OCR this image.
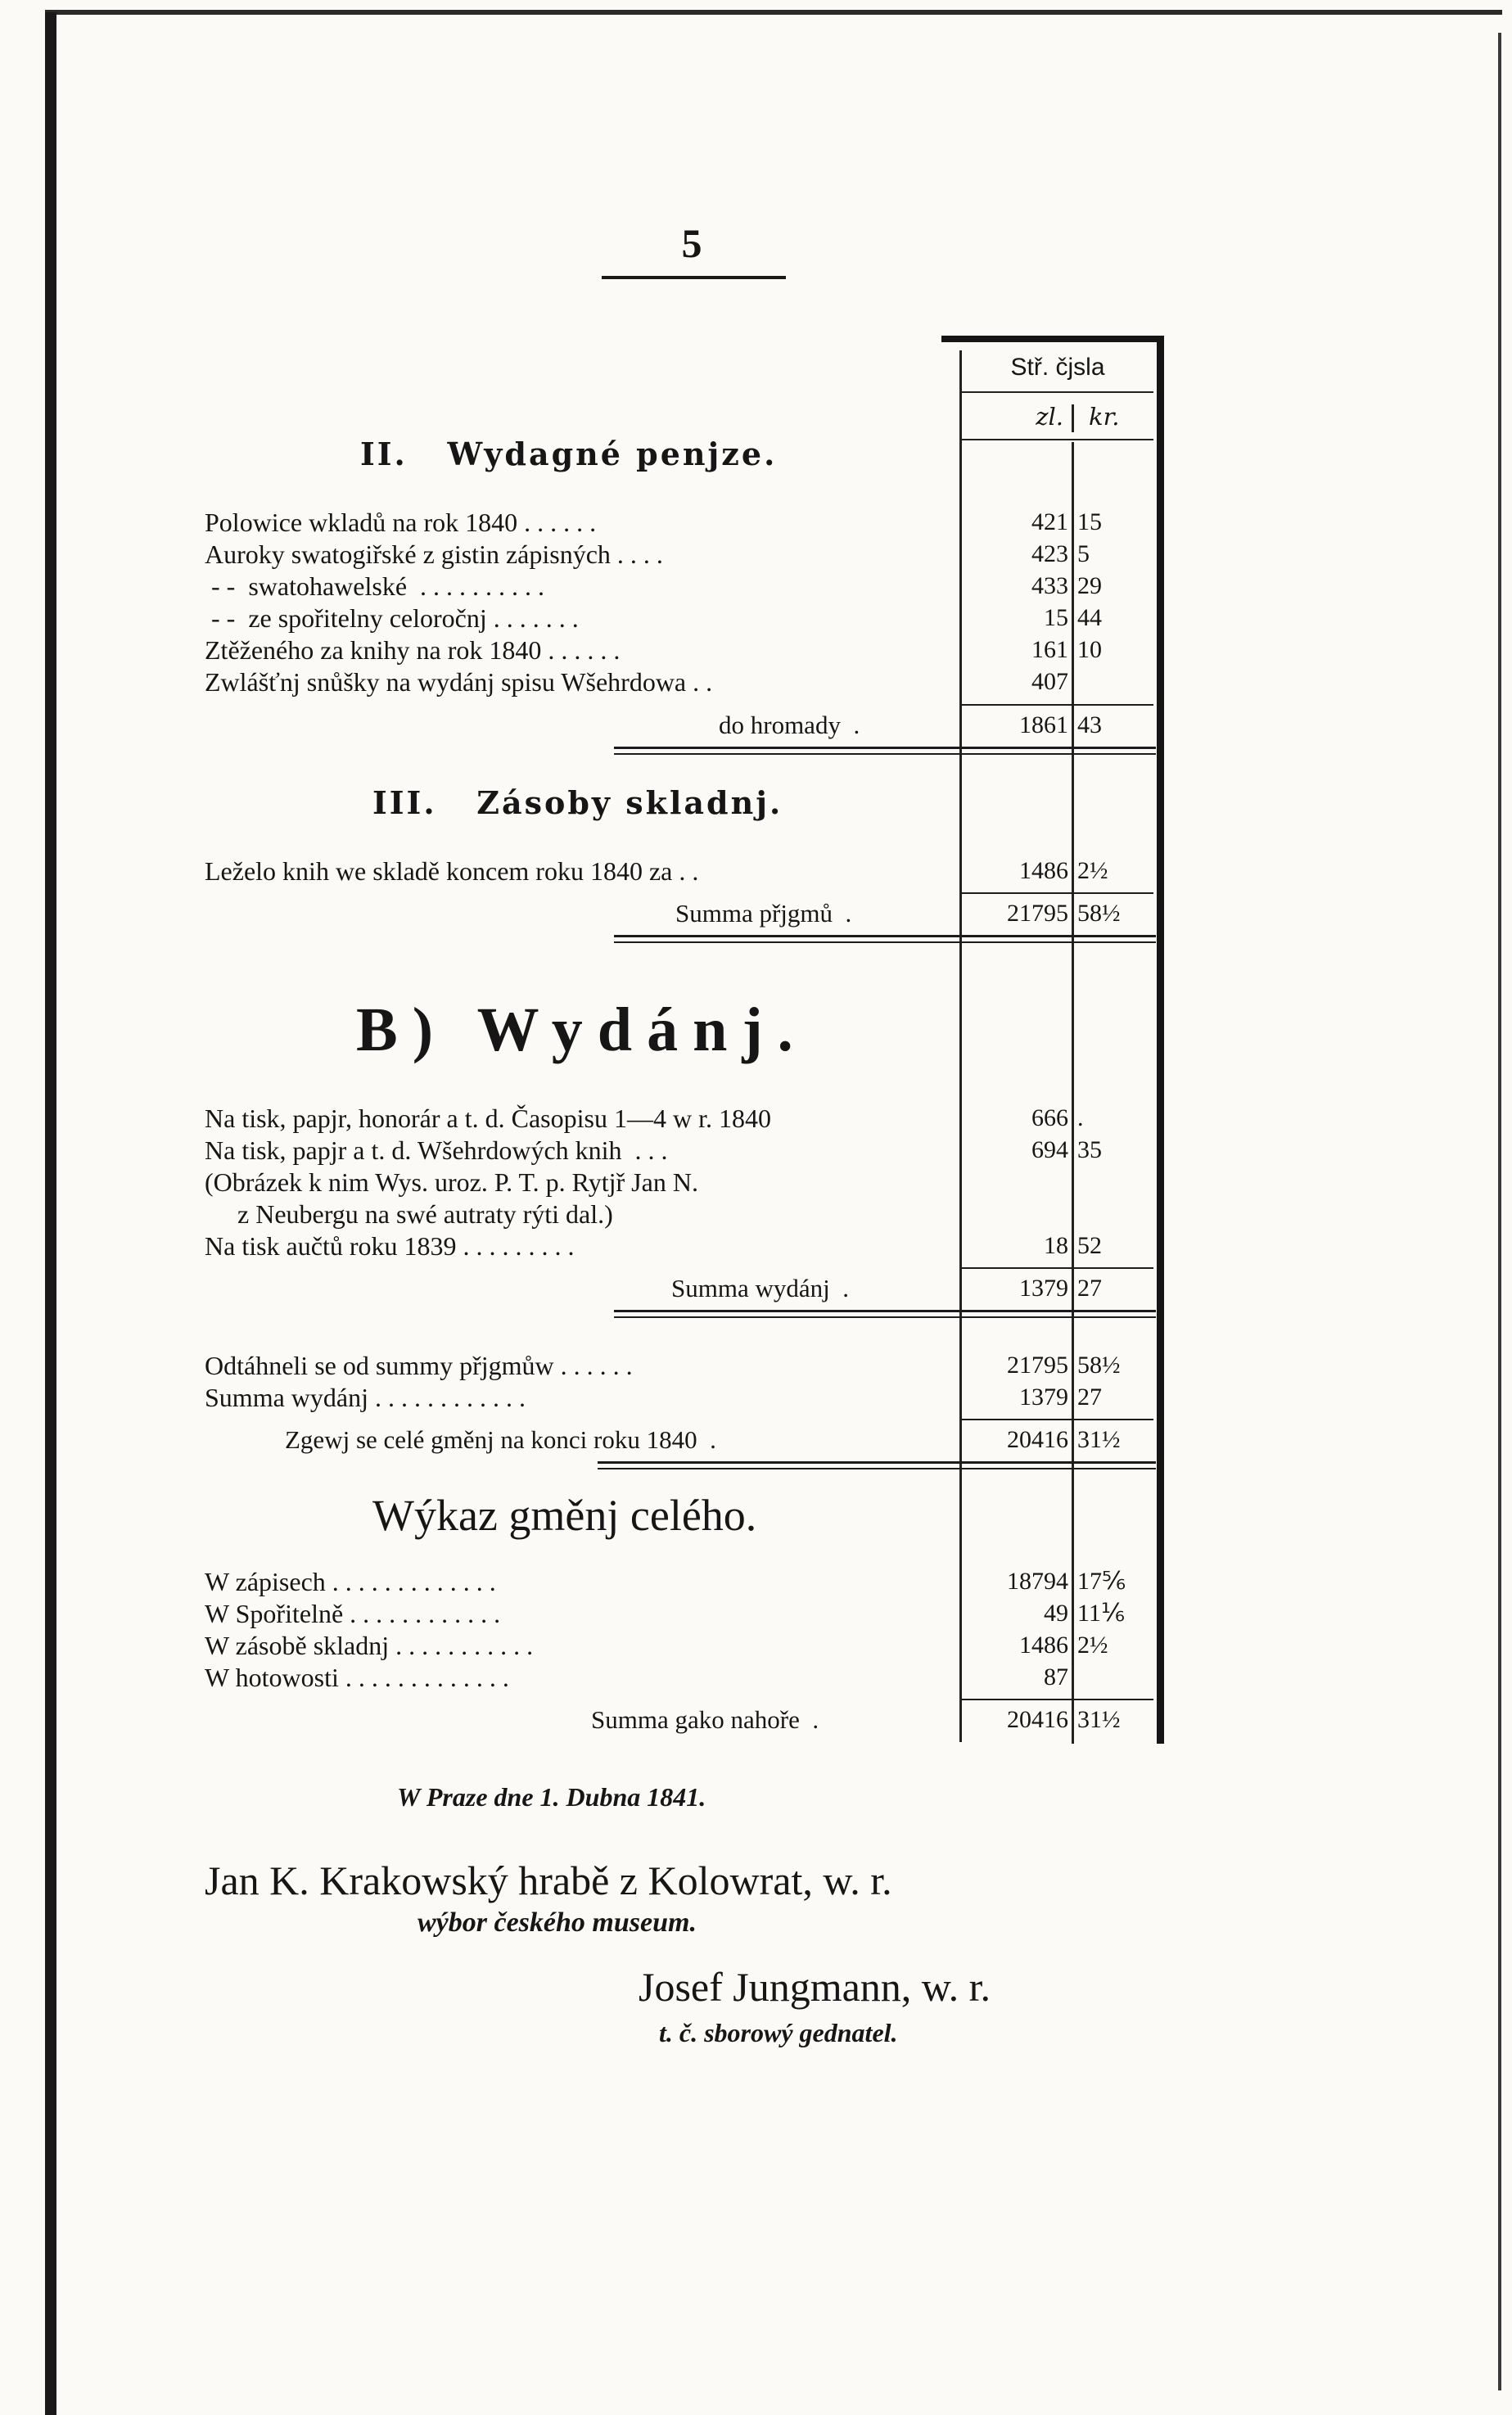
5
Stř. čjsla
zl.	kr.
II.   Wydagné penjze.
Polowice wkladů na rok 1840 . . . . . .	421 15
Auroky swatogiřské z gistin zápisných . . . .	423 5
- -  swatohawelské  . . . . . . . . . .	433 29
- -  ze spořitelny celoročnj . . . . . . .	15 44
Ztěženého za knihy na rok 1840 . . . . . .	161 10
Zwlášťnj snůšky na wydánj spisu Wšehrdowa . .	407
do hromady  .	1861 43
III.   Zásoby skladnj.
Leželo knih we skladě koncem roku 1840 za . .	1486 2½
Summa přjgmů  .	21795 58½
B) Wydánj.
Na tisk, papjr, honorár a t. d. Časopisu 1—4 w r. 1840	666 .
Na tisk, papjr a t. d. Wšehrdowých knih  . . .	694 35
(Obrázek k nim Wys. uroz. P. T. p. Rytjř Jan N.
z Neubergu na swé autraty rýti dal.)
Na tisk aučtů roku 1839 . . . . . . . . .	18 52
Summa wydánj  .	1379 27
Odtáhneli se od summy přjgmůw . . . . . .	21795 58½
Summa wydánj . . . . . . . . . . . .	1379 27
Zgewj se celé gměnj na konci roku 1840  .	20416 31½
Wýkaz gměnj celého.
W zápisech . . . . . . . . . . . . .	18794 17⅚
W Spořitelně . . . . . . . . . . . .	49 11⅙
W zásobě skladnj . . . . . . . . . . .	1486 2½
W hotowosti . . . . . . . . . . . . .	87
Summa gako nahoře  .	20416 31½
W Praze dne 1. Dubna 1841.
Jan K. Krakowský hrabě z Kolowrat, w. r.
wýbor českého museum.
Josef Jungmann, w. r.
t. č. sborowý gednatel.
